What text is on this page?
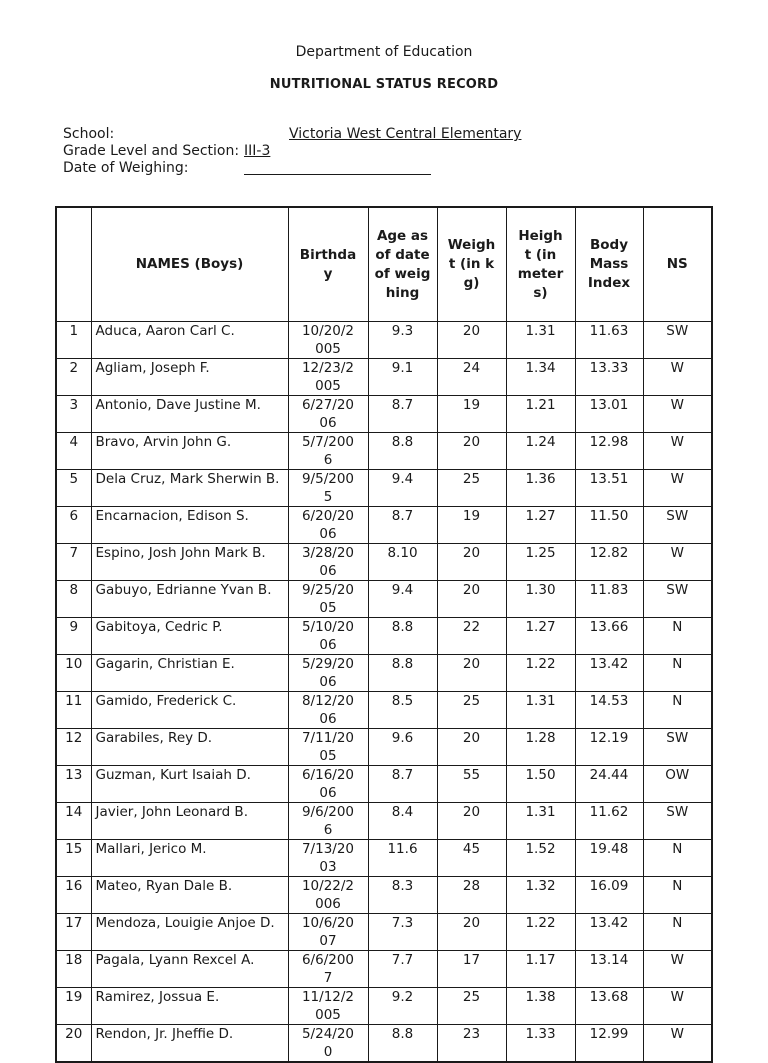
Department of Education
NUTRITIONAL STATUS RECORD
School:	Victoria West Central Elementary
Grade Level and Section: III-3
Date of Weighing:
	NAMES (Boys)	Birthday	Age as of date of weighing	Weight (in kg)	Height (in meters)	Body Mass Index	NS
1	Aduca, Aaron Carl C.	10/20/2005	9.3	20	1.31	11.63	SW
2	Agliam, Joseph F.	12/23/2005	9.1	24	1.34	13.33	W
3	Antonio, Dave Justine M.	6/27/2006	8.7	19	1.21	13.01	W
4	Bravo, Arvin John G.	5/7/2006	8.8	20	1.24	12.98	W
5	Dela Cruz, Mark Sherwin B.	9/5/2005	9.4	25	1.36	13.51	W
6	Encarnacion, Edison S.	6/20/2006	8.7	19	1.27	11.50	SW
7	Espino, Josh John Mark B.	3/28/2006	8.10	20	1.25	12.82	W
8	Gabuyo, Edrianne Yvan B.	9/25/2005	9.4	20	1.30	11.83	SW
9	Gabitoya, Cedric P.	5/10/2006	8.8	22	1.27	13.66	N
10	Gagarin, Christian E.	5/29/2006	8.8	20	1.22	13.42	N
11	Gamido, Frederick C.	8/12/2006	8.5	25	1.31	14.53	N
12	Garabiles, Rey D.	7/11/2005	9.6	20	1.28	12.19	SW
13	Guzman, Kurt Isaiah D.	6/16/2006	8.7	55	1.50	24.44	OW
14	Javier, John Leonard B.	9/6/2006	8.4	20	1.31	11.62	SW
15	Mallari, Jerico M.	7/13/2003	11.6	45	1.52	19.48	N
16	Mateo, Ryan Dale B.	10/22/2006	8.3	28	1.32	16.09	N
17	Mendoza, Louigie Anjoe D.	10/6/2007	7.3	20	1.22	13.42	N
18	Pagala, Lyann Rexcel A.	6/6/2007	7.7	17	1.17	13.14	W
19	Ramirez, Jossua E.	11/12/2005	9.2	25	1.38	13.68	W
20	Rendon, Jr. Jheffie D.	5/24/200	8.8	23	1.33	12.99	W
